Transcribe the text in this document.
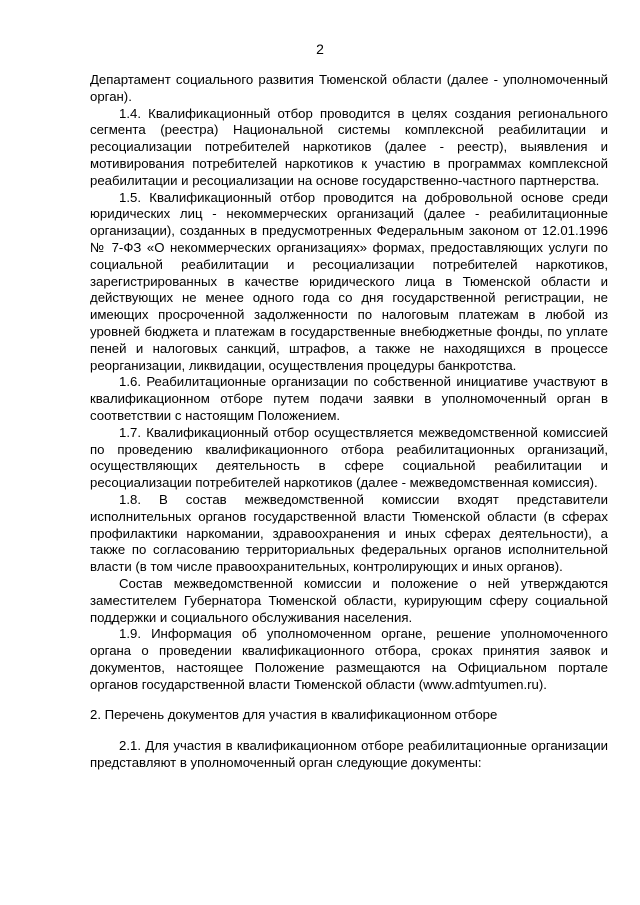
2

Департамент социального развития Тюменской области (далее - уполномоченный орган).

1.4. Квалификационный отбор проводится в целях создания регионального сегмента (реестра) Национальной системы комплексной реабилитации и ресоциализации потребителей наркотиков (далее - реестр), выявления и мотивирования потребителей наркотиков к участию в программах комплексной реабилитации и ресоциализации на основе государственно-частного партнерства.

1.5. Квалификационный отбор проводится на добровольной основе среди юридических лиц - некоммерческих организаций (далее - реабилитационные организации), созданных в предусмотренных Федеральным законом от 12.01.1996 № 7-ФЗ «О некоммерческих организациях» формах, предоставляющих услуги по социальной реабилитации и ресоциализации потребителей наркотиков, зарегистрированных в качестве юридического лица в Тюменской области и действующих не менее одного года со дня государственной регистрации, не имеющих просроченной задолженности по налоговым платежам в любой из уровней бюджета и платежам в государственные внебюджетные фонды, по уплате пеней и налоговых санкций, штрафов, а также не находящихся в процессе реорганизации, ликвидации, осуществления процедуры банкротства.

1.6. Реабилитационные организации по собственной инициативе участвуют в квалификационном отборе путем подачи заявки в уполномоченный орган в соответствии с настоящим Положением.

1.7. Квалификационный отбор осуществляется межведомственной комиссией по проведению квалификационного отбора реабилитационных организаций, осуществляющих деятельность в сфере социальной реабилитации и ресоциализации потребителей наркотиков (далее - межведомственная комиссия).

1.8. В состав межведомственной комиссии входят представители исполнительных органов государственной власти Тюменской области (в сферах профилактики наркомании, здравоохранения и иных сферах деятельности), а также по согласованию территориальных федеральных органов исполнительной власти (в том числе правоохранительных, контролирующих и иных органов).

Состав межведомственной комиссии и положение о ней утверждаются заместителем Губернатора Тюменской области, курирующим сферу социальной поддержки и социального обслуживания населения.

1.9. Информация об уполномоченном органе, решение уполномоченного органа о проведении квалификационного отбора, сроках принятия заявок и документов, настоящее Положение размещаются на Официальном портале органов государственной власти Тюменской области (www.admtyumen.ru).

2. Перечень документов для участия в квалификационном отборе

2.1. Для участия в квалификационном отборе реабилитационные организации представляют в уполномоченный орган следующие документы:
